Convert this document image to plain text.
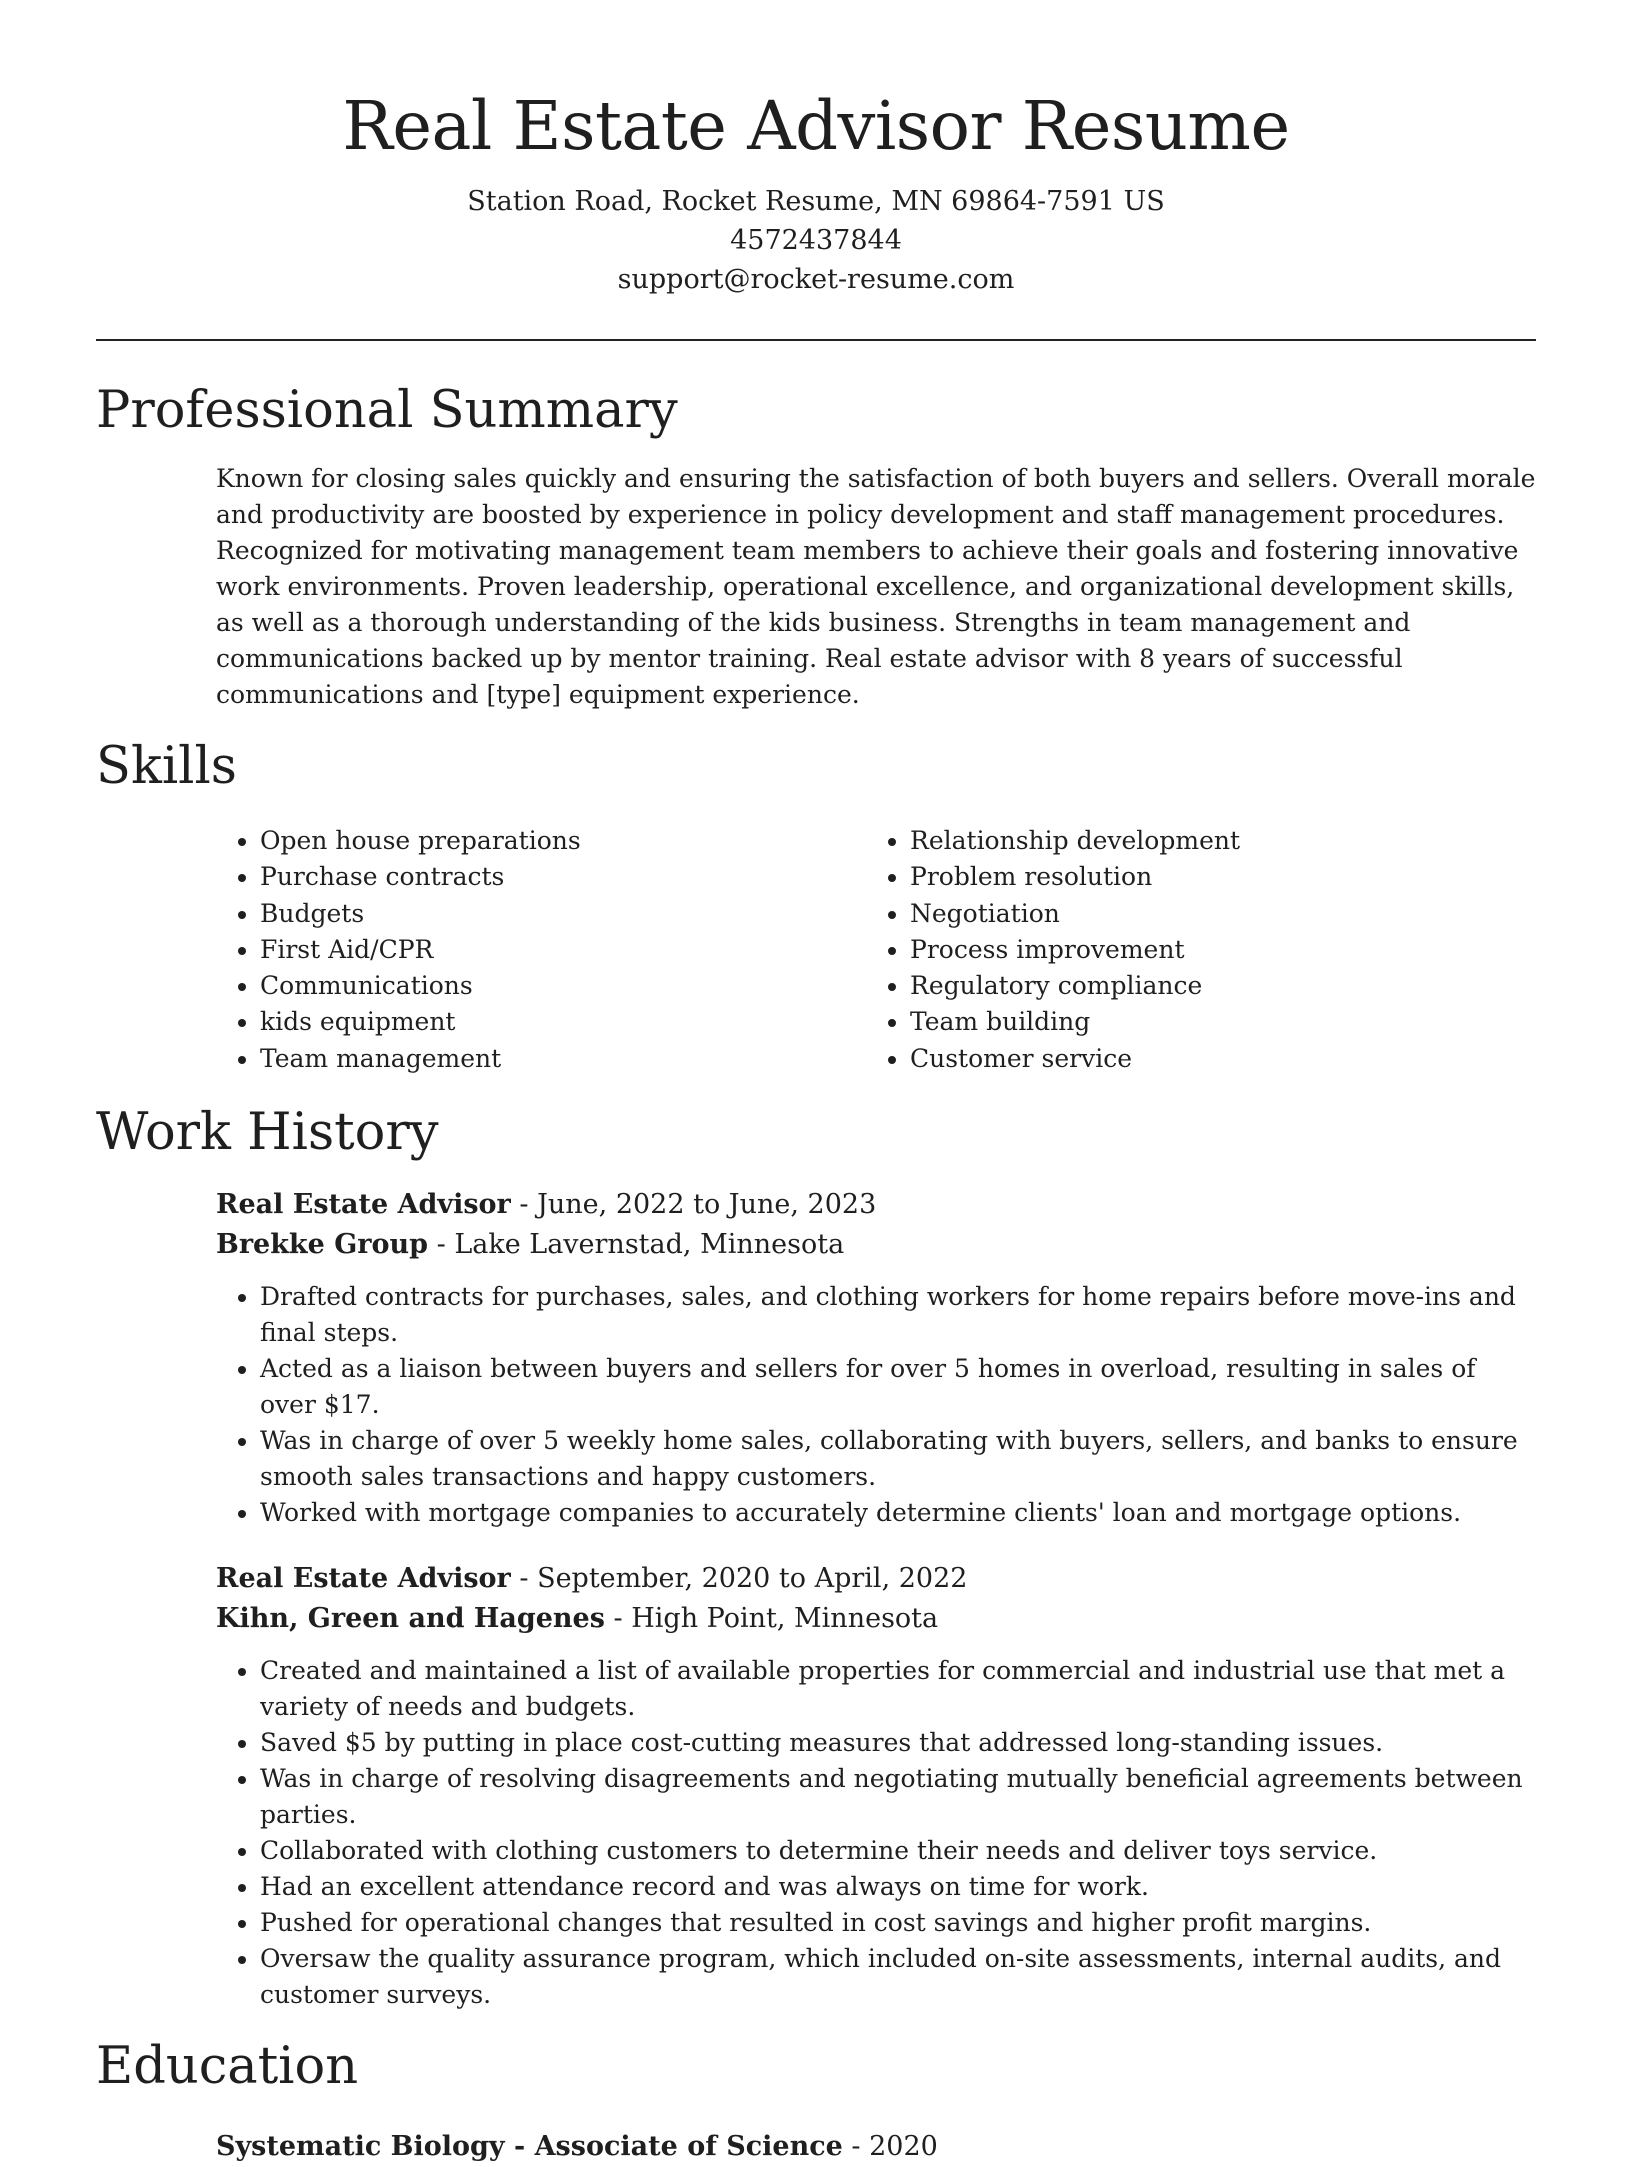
Real Estate Advisor Resume

Station Road, Rocket Resume, MN 69864-7591 US

4572437844

support@rocket-resume.com

Professional Summary

Known for closing sales quickly and ensuring the satisfaction of both buyers and sellers. Overall morale and productivity are boosted by experience in policy development and staff management procedures. Recognized for motivating management team members to achieve their goals and fostering innovative work environments. Proven leadership, operational excellence, and organizational development skills, as well as a thorough understanding of the kids business. Strengths in team management and communications backed up by mentor training. Real estate advisor with 8 years of successful communications and [type] equipment experience.

Skills
• Open house preparations
• Purchase contracts
• Budgets
• First Aid/CPR
• Communications
• kids equipment
• Team management
• Relationship development
• Problem resolution
• Negotiation
• Process improvement
• Regulatory compliance
• Team building
• Customer service
Work History

Real Estate Advisor - June, 2022 to June, 2023

Brekke Group - Lake Lavernstad, Minnesota

• Drafted contracts for purchases, sales, and clothing workers for home repairs before move-ins and final steps.
• Acted as a liaison between buyers and sellers for over 5 homes in overload, resulting in sales of over $17.
• Was in charge of over 5 weekly home sales, collaborating with buyers, sellers, and banks to ensure smooth sales transactions and happy customers.
• Worked with mortgage companies to accurately determine clients' loan and mortgage options.

Real Estate Advisor - September, 2020 to April, 2022

Kihn, Green and Hagenes - High Point, Minnesota

• Created and maintained a list of available properties for commercial and industrial use that met a variety of needs and budgets.
• Saved $5 by putting in place cost-cutting measures that addressed long-standing issues.
• Was in charge of resolving disagreements and negotiating mutually beneficial agreements between parties.
• Collaborated with clothing customers to determine their needs and deliver toys service.
• Had an excellent attendance record and was always on time for work.
• Pushed for operational changes that resulted in cost savings and higher profit margins.
• Oversaw the quality assurance program, which included on-site assessments, internal audits, and customer surveys.
Education

Systematic Biology - Associate of Science - 2020
